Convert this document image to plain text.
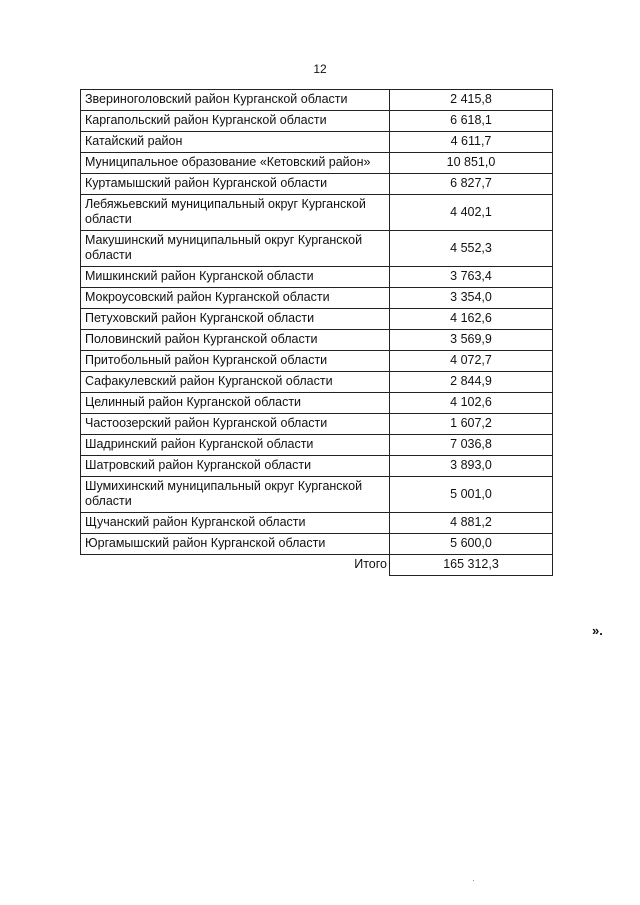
12
Звериноголовский район Курганской области	2 415,8
Каргапольский район Курганской области	6 618,1
Катайский район	4 611,7
Муниципальное образование «Кетовский район»	10 851,0
Куртамышский район Курганской области	6 827,7
Лебяжьевский муниципальный округ Курганской области	4 402,1
Макушинский муниципальный округ Курганской области	4 552,3
Мишкинский район Курганской области	3 763,4
Мокроусовский район Курганской области	3 354,0
Петуховский район Курганской области	4 162,6
Половинский район Курганской области	3 569,9
Притобольный район Курганской области	4 072,7
Сафакулевский район Курганской области	2 844,9
Целинный район Курганской области	4 102,6
Частоозерский район Курганской области	1 607,2
Шадринский район Курганской области	7 036,8
Шатровский район Курганской области	3 893,0
Шумихинский муниципальный округ Курганской области	5 001,0
Щучанский район Курганской области	4 881,2
Юргамышский район Курганской области	5 600,0
Итого	165 312,3
».
